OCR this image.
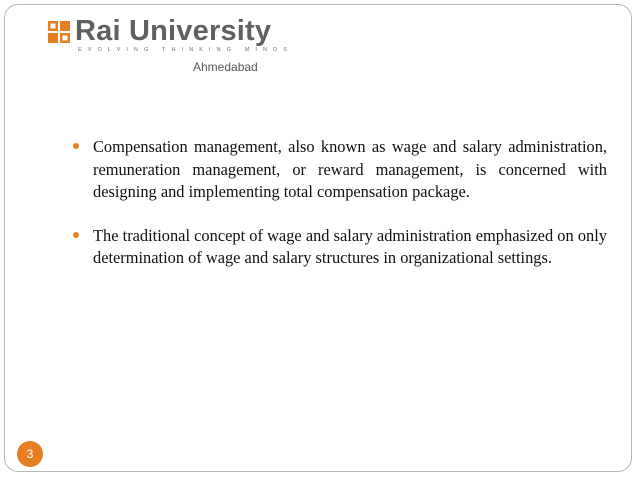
Rai University
EVOLVING THINKING MINDS
Ahmedabad
Compensation management, also known as wage and salary administration, remuneration management, or reward management, is concerned with designing and implementing total compensation package.
The traditional concept of wage and salary administration emphasized on only determination of wage and salary structures in organizational settings.
3
